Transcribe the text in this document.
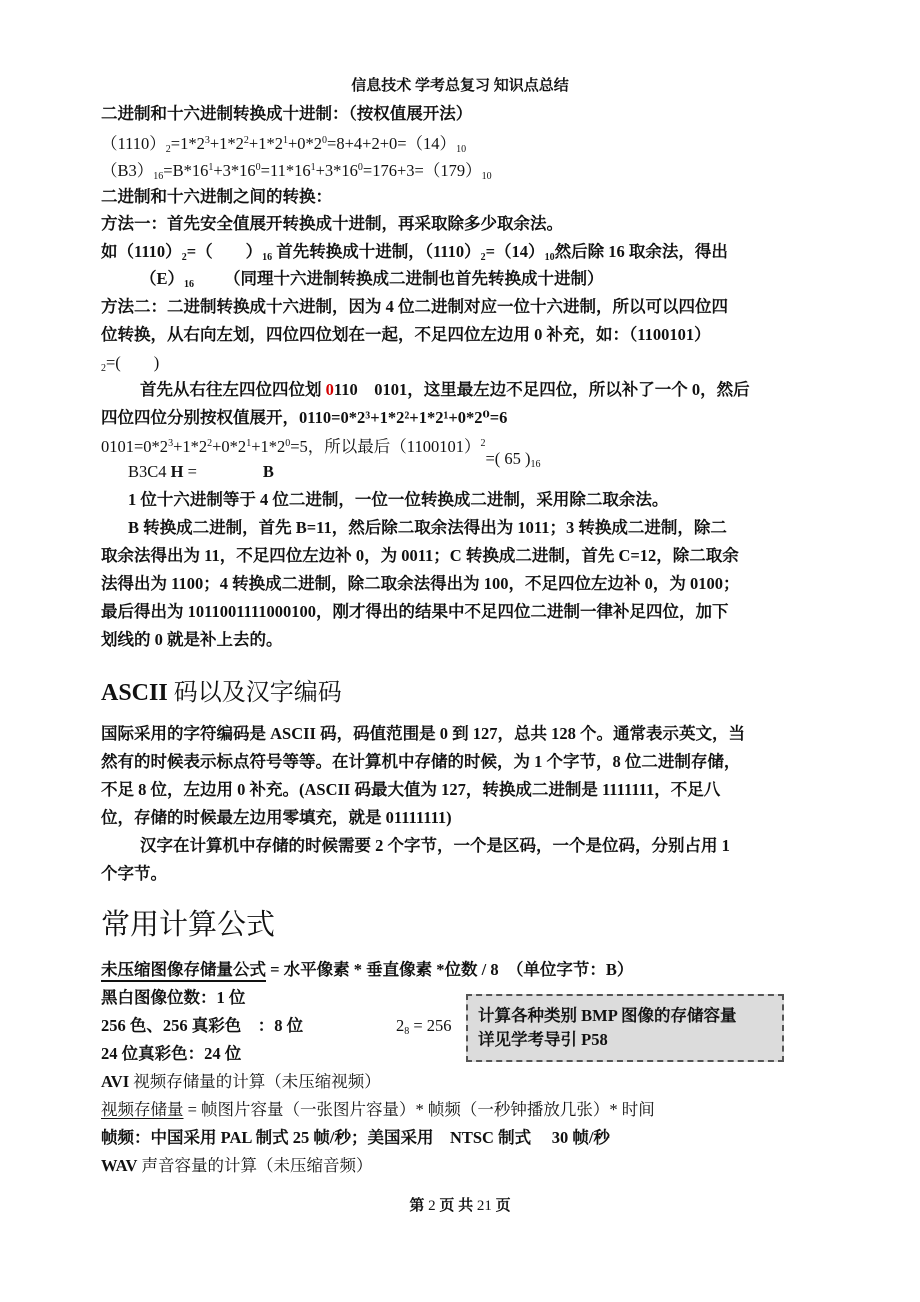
信息技术 学考总复习 知识点总结
二进制和十六进制转换成十进制：（按权值展开法）
$(1110)_2=1*2^3+1*2^2+1*2^1+0*2^0=8+4+2+0=(14)_{10}$
$(B3)_{16}=B*16^1+3*16^0=11*16^1+3*16^0=176+3=(179)_{10}$
二进制和十六进制之间的转换：
方法一：首先安全值展开转换成十进制，再采取除多少取余法。
如$(1110)_2=$（　　）$_{16}$ 首先转换成十进制，$(1110)_2=(14)_{10}$然后除 16 取余法，得出
$(E)_{16}$ （同理十六进制转换成二进制也首先转换成十进制）
方法二：二进制转换成十六进制，因为 4 位二进制对应一位十六进制，所以可以四位四
位转换，从右向左划，四位四位划在一起，不足四位左边用 0 补充，如：（1100101）
$_2$=(　　)
首先从右往左四位四位划 0110　0101，这里最左边不足四位，所以补了一个 0，然后
四位四位分别按权值展开，0110=0*2³+1*2²+1*2¹+0*2⁰=6
$0101=0*2^3+1*2^2+0*2^1+1*2^0=5$，所以最后$(1100101)^2=$( 65 )$_{16}$
B3C4 H =	B
1 位十六进制等于 4 位二进制，一位一位转换成二进制，采用除二取余法。
B 转换成二进制，首先 B=11，然后除二取余法得出为 1011；3 转换成二进制，除二
取余法得出为 11，不足四位左边补 0，为 0011；C 转换成二进制，首先 C=12，除二取余
法得出为 1100；4 转换成二进制，除二取余法得出为 100，不足四位左边补 0，为 0100；
最后得出为 1011001111000100，刚才得出的结果中不足四位二进制一律补足四位，加下
划线的 0 就是补上去的。
ASCII 码以及汉字编码
国际采用的字符编码是 ASCII 码，码值范围是 0 到 127，总共 128 个。通常表示英文，当
然有的时候表示标点符号等等。在计算机中存储的时候，为 1 个字节，8 位二进制存储，
不足 8 位，左边用 0 补充。(ASCII 码最大值为 127，转换成二进制是 1111111，不足八
位，存储的时候最左边用零填充，就是 01111111)
汉字在计算机中存储的时候需要 2 个字节，一个是区码，一个是位码，分别占用 1
个字节。
常用计算公式
未压缩图像存储量公式 = 水平像素 * 垂直像素 *位数 / 8　（单位字节：B）
黑白图像位数：1 位
256 色、256 真彩色　：8 位	$2_8 = 256$
24 位真彩色：24 位
计算各种类别 BMP 图像的存储容量
详见学考导引 P58
AVI 视频存储量的计算（未压缩视频）
视频存储量 = 帧图片容量（一张图片容量）* 帧频（一秒钟播放几张）* 时间
帧频：中国采用 PAL 制式 25 帧/秒；美国采用　NTSC 制式　 30 帧/秒
WAV 声音容量的计算（未压缩音频）
第 2 页 共 21 页
